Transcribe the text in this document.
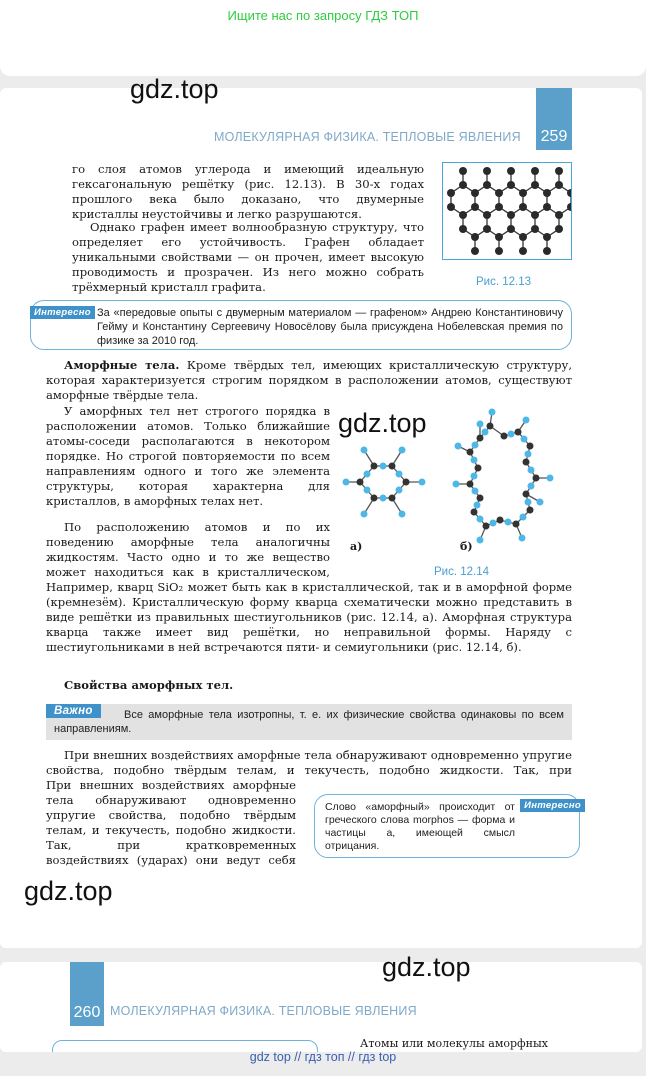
Ищите нас по запросу ГДЗ ТОП
gdz.top
МОЛЕКУЛЯРНАЯ ФИЗИКА. ТЕПЛОВЫЕ ЯВЛЕНИЯ 259

го слоя атомов углерода и имеющий идеальную гексагональную решётку (рис. 12.13). В 30-х годах прошлого века было доказано, что двумерные кристаллы неустойчивы и легко разрушаются.

Однако графен имеет волнообразную структуру, что определяет его устойчивость. Графен обладает уникальными свойствами — он прочен, имеет высокую проводимость и прозрачен. Из него можно собрать трёхмерный кристалл графита.	Рис. 12.13
Интересно За «передовые опыты с двумерным материалом — графеном» Андрею Константиновичу Гейму и Константину Сергеевичу Новосёлову была присуждена Нобелевская премия по физике за 2010 год.

Аморфные тела. Кроме твёрдых тел, имеющих кристаллическую структуру, которая характеризуется строгим порядком в расположении атомов, существуют аморфные твёрдые тела.

У аморфных тел нет строгого порядка в расположении атомов. Только ближайшие атомы-соседи располагаются в некотором порядке. Но строгой повторяемости по всем направлениям одного и того же элемента структуры, которая характерна для кристаллов, в аморфных телах нет.

По расположению атомов и по их поведению аморфные тела аналогичны жидкостям. Часто одно и то же вещество может находиться как в кристаллическом,

gdz.top
а)	б)
Рис. 12.14

Например, кварц SiO₂ может быть как в кристаллической, так и в аморфной форме (кремнезём). Кристаллическую форму кварца схематически можно представить в виде решётки из правильных шестиугольников (рис. 12.14, а). Аморфная структура кварца также имеет вид решётки, но неправильной формы. Наряду с шестиугольниками в ней встречаются пяти- и семиугольники (рис. 12.14, б).

Свойства аморфных тел.

Важно	Все аморфные тела изотропны, т. е. их физические свойства одинаковы по всем направлениям.

При внешних воздействиях аморфные тела обнаруживают одновременно упругие свойства, подобно твёрдым телам, и текучесть, подобно жидкости. Так, при

При внешних воздействиях аморфные тела обнаруживают одновременно упругие свойства, подобно твёрдым телам, и текучесть, подобно жидкости. Так, при кратковременных воздействиях (ударах) они ведут себя

Интересно
Слово «аморфный» происходит от греческого слова morphos — форма и частицы а, имеющей смысл отрицания.
gdz.top
260 МОЛЕКУЛЯРНАЯ ФИЗИКА. ТЕПЛОВЫЕ ЯВЛЕНИЯ
Атомы или молекулы аморфных
gdz.top
gdz top // гдз топ // гдз top
